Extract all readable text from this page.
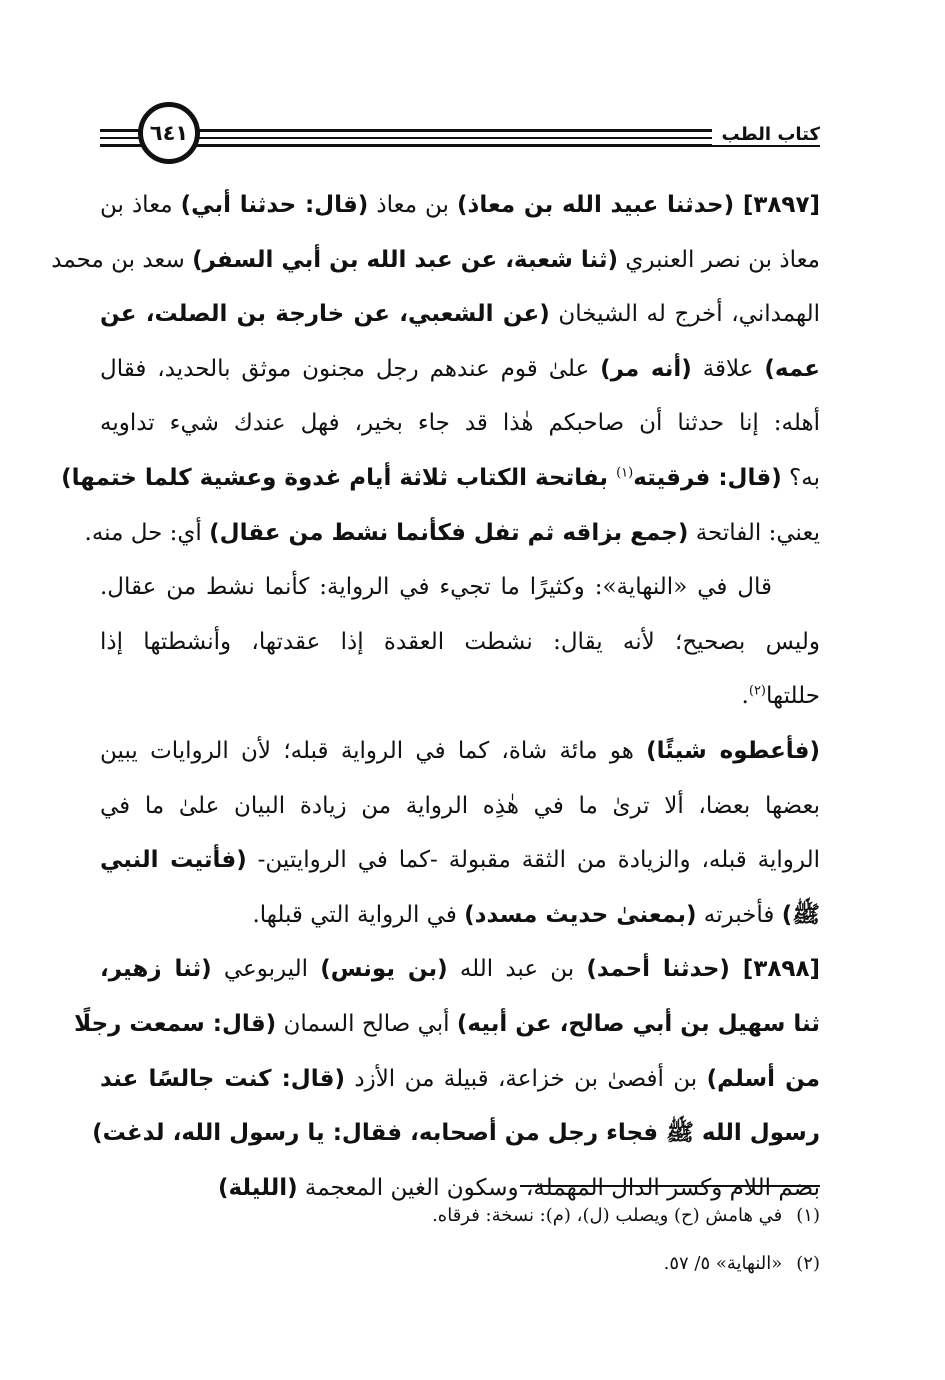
٦٤١	كتاب الطب
[٣٨٩٧] (حدثنا عبيد الله بن معاذ) بن معاذ (قال: حدثنا أبي) معاذ بن
معاذ بن نصر العنبري (ثنا شعبة، عن عبد الله بن أبي السفر) سعد بن محمد
الهمداني، أخرج له الشيخان (عن الشعبي، عن خارجة بن الصلت، عن
عمه) علاقة (أنه مر) علىٰ قوم عندهم رجل مجنون موثق بالحديد، فقال
أهله: إنا حدثنا أن صاحبكم هٰذا قد جاء بخير، فهل عندك شيء تداويه
به؟ (قال: فرقيته$^{(١)}$ بفاتحة الكتاب ثلاثة أيام غدوة وعشية كلما ختمها)
يعني: الفاتحة (جمع بزاقه ثم تفل فكأنما نشط من عقال) أي: حل منه.
قال في «النهاية»: وكثيرًا ما تجيء في الرواية: كأنما نشط من عقال.
وليس بصحيح؛ لأنه يقال: نشطت العقدة إذا عقدتها، وأنشطتها إذا
حللتها$^{(٢)}$.
(فأعطوه شيئًا) هو مائة شاة، كما في الرواية قبله؛ لأن الروايات يبين
بعضها بعضا، ألا ترىٰ ما في هٰذِه الرواية من زيادة البيان علىٰ ما في
الرواية قبله، والزيادة من الثقة مقبولة -كما في الروايتين- (فأتيت النبي
ﷺ) فأخبرته (بمعنىٰ حديث مسدد) في الرواية التي قبلها.
[٣٨٩٨] (حدثنا أحمد) بن عبد الله (بن يونس) اليربوعي (ثنا زهير،
ثنا سهيل بن أبي صالح، عن أبيه) أبي صالح السمان (قال: سمعت رجلًا
من أسلم) بن أفصىٰ بن خزاعة، قبيلة من الأزد (قال: كنت جالسًا عند
رسول الله ﷺ فجاء رجل من أصحابه، فقال: يا رسول الله، لدغت)
بضم اللام وكسر الدال المهملة، وسكون الغين المعجمة (الليلة)
(١)في هامش (ح) ويصلب (ل)، (م): نسخة: فرقاه.
(٢)«النهاية» ٥/ ٥٧.
